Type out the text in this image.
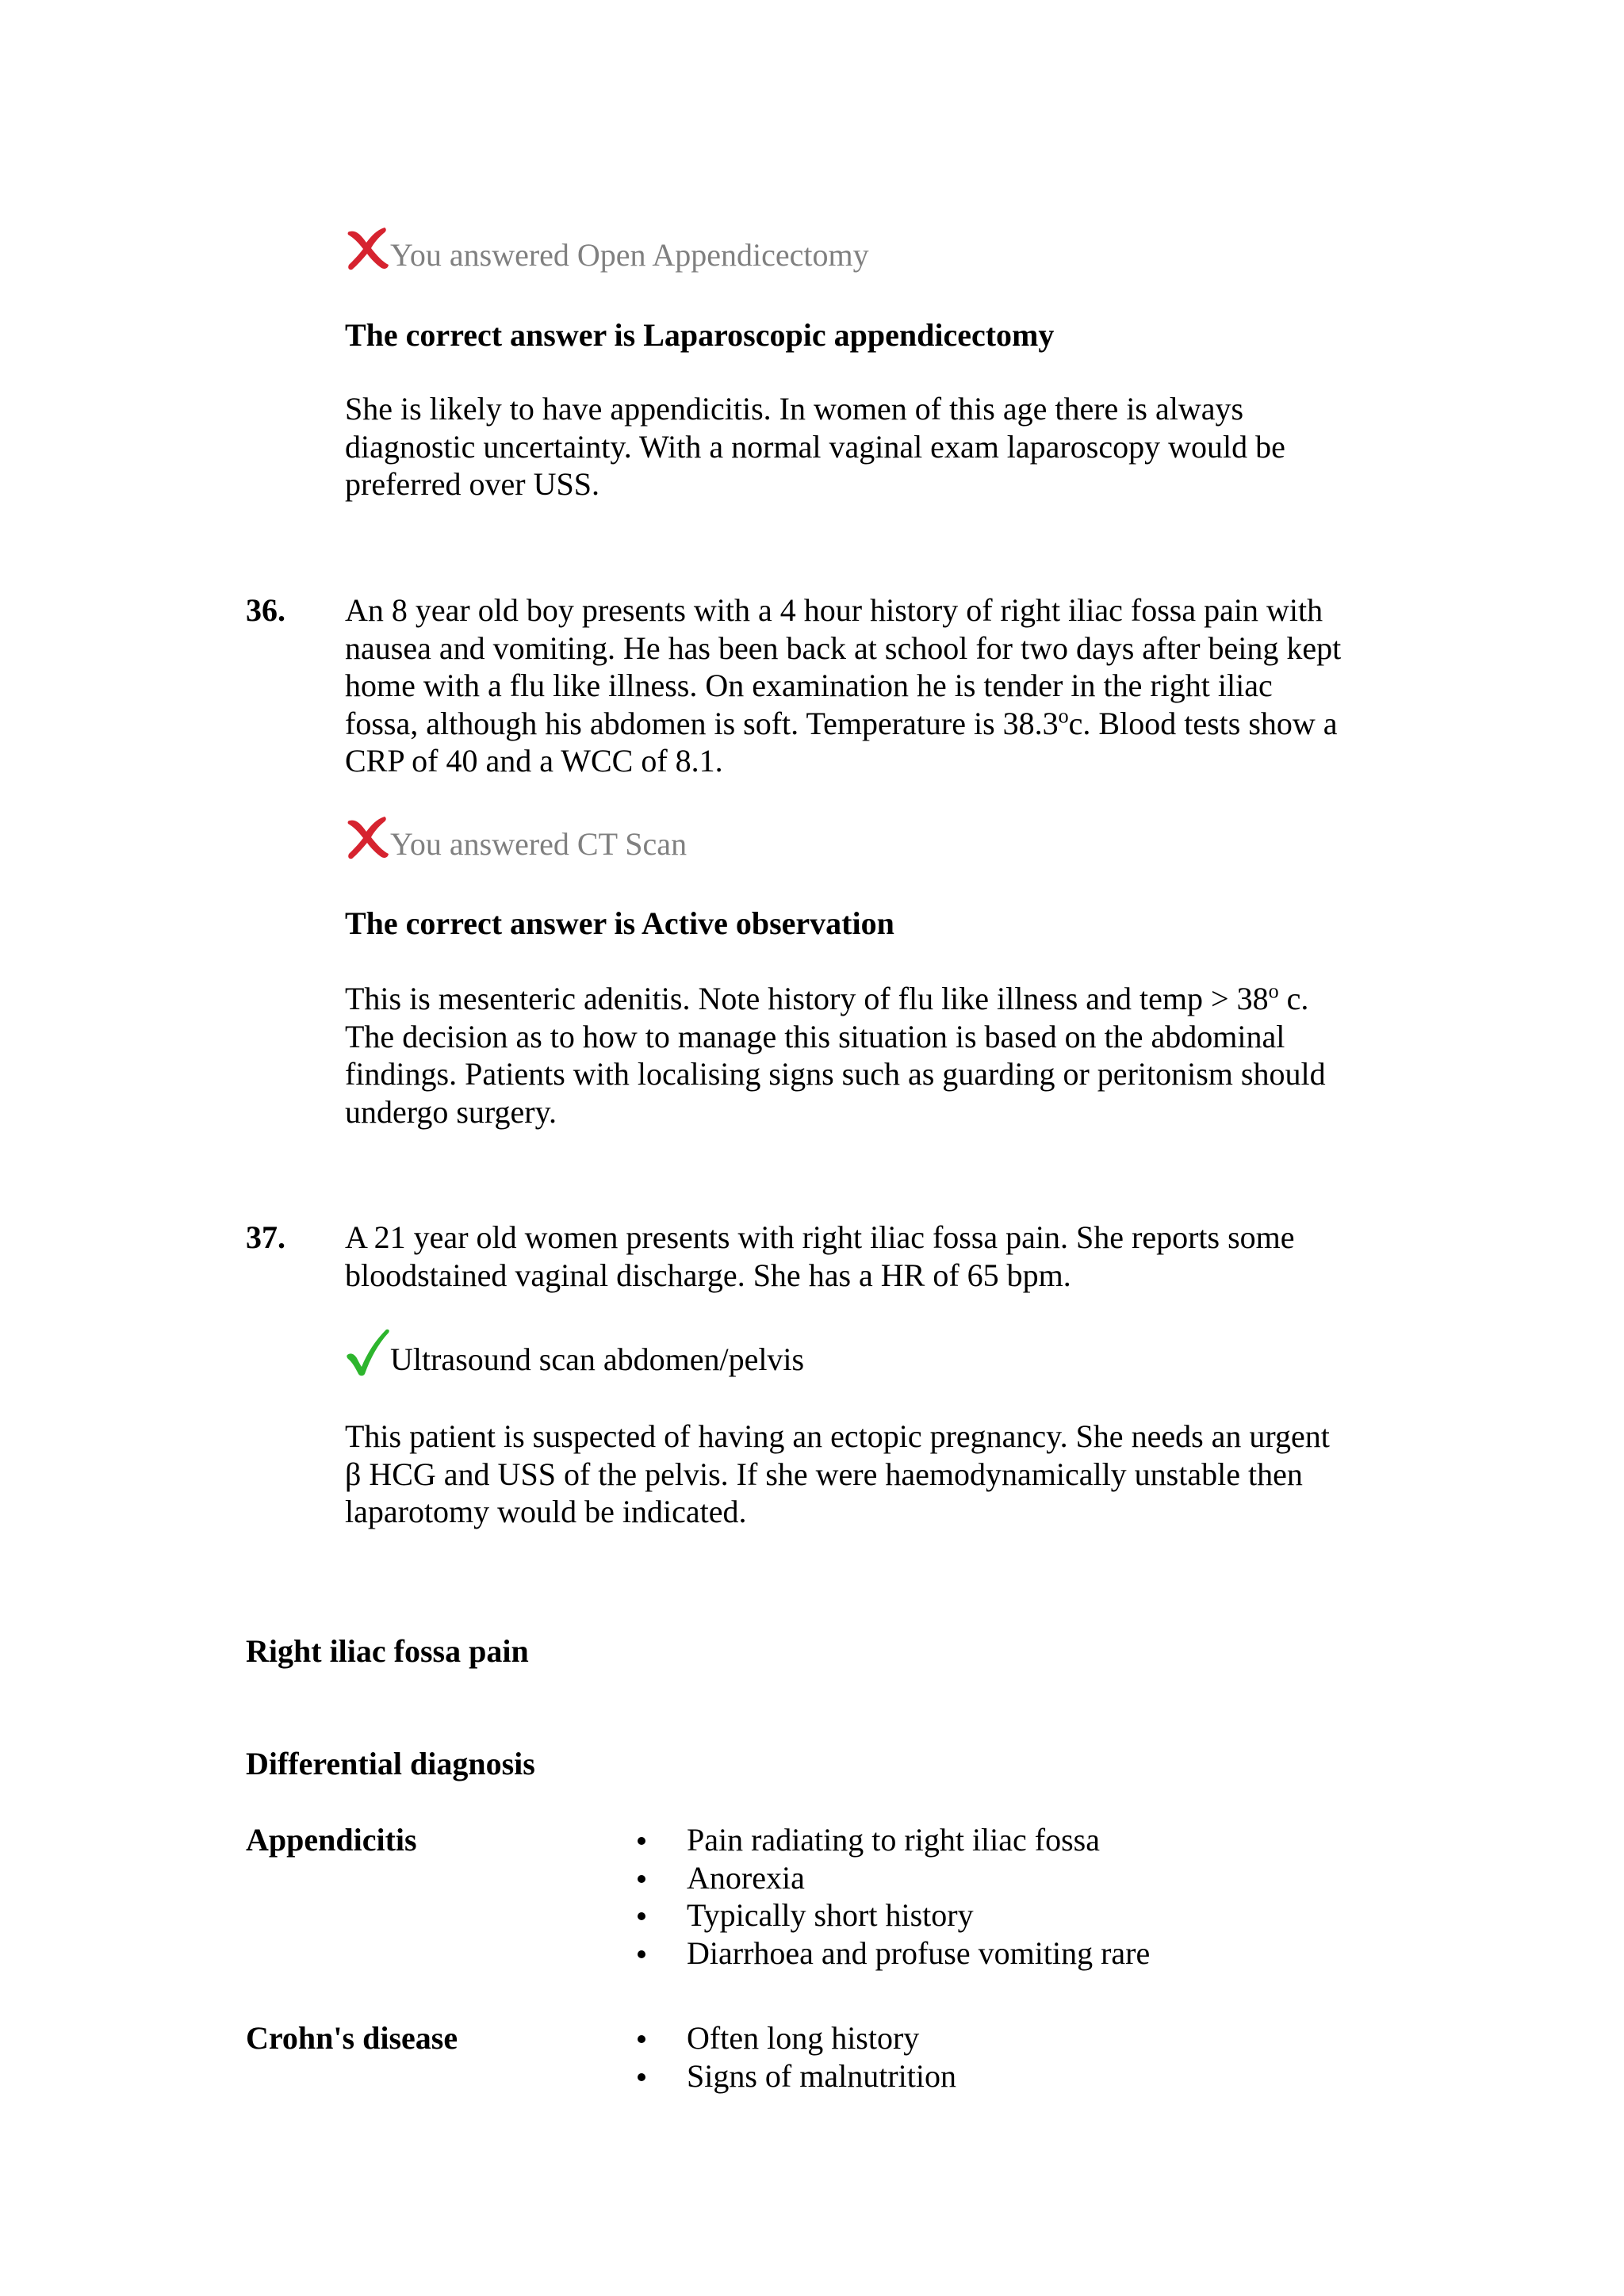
You answered Open Appendicectomy
The correct answer is Laparoscopic appendicectomy
She is likely to have appendicitis. In women of this age there is always
diagnostic uncertainty. With a normal vaginal exam laparoscopy would be
preferred over USS.
36. An 8 year old boy presents with a 4 hour history of right iliac fossa pain with
nausea and vomiting. He has been back at school for two days after being kept
home with a flu like illness. On examination he is tender in the right iliac
fossa, although his abdomen is soft. Temperature is 38.3$^o$c. Blood tests show a
CRP of 40 and a WCC of 8.1.
You answered CT Scan
The correct answer is Active observation
This is mesenteric adenitis. Note history of flu like illness and temp > $38^o$ c.
The decision as to how to manage this situation is based on the abdominal
findings. Patients with localising signs such as guarding or peritonism should
undergo surgery.
37. A 21 year old women presents with right iliac fossa pain. She reports some
bloodstained vaginal discharge. She has a HR of 65 bpm.
Ultrasound scan abdomen/pelvis
This patient is suspected of having an ectopic pregnancy. She needs an urgent
β HCG and USS of the pelvis. If she were haemodynamically unstable then
laparotomy would be indicated.
Right iliac fossa pain
Differential diagnosis
Appendicitis	Pain radiating to right iliac fossa
Anorexia
Typically short history
Diarrhoea and profuse vomiting rare
Crohn's disease	Often long history
Signs of malnutrition
